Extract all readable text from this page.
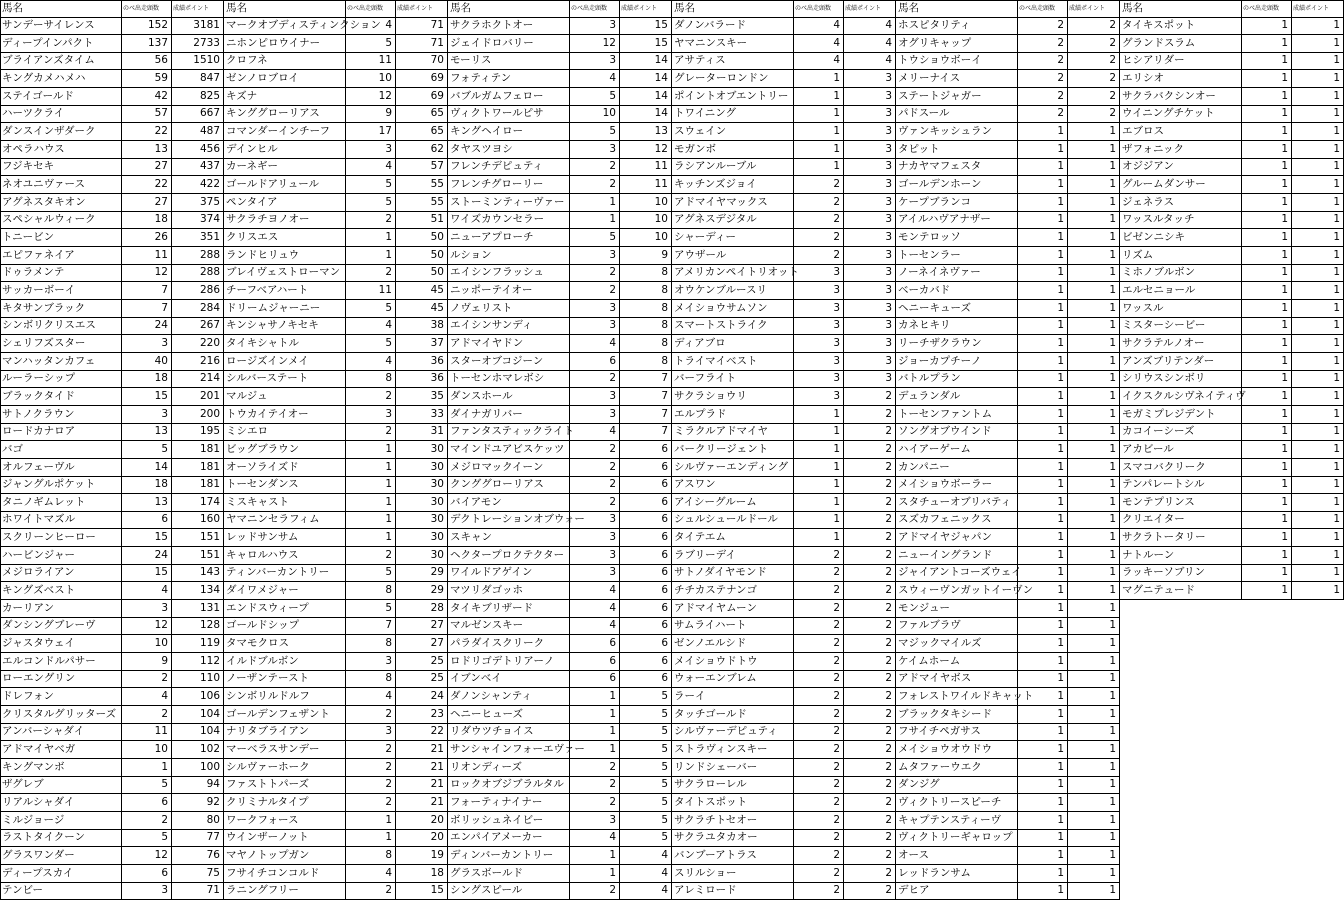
馬名	のべ出走頭数	成績ポイント
サンデーサイレンス	152	3181
ディープインパクト	137	2733
ブライアンズタイム	56	1510
キングカメハメハ	59	847
ステイゴールド	42	825
ハーツクライ	57	667
ダンスインザダーク	22	487
オペラハウス	13	456
フジキセキ	27	437
ネオユニヴァース	22	422
アグネスタキオン	27	375
スペシャルウィーク	18	374
トニービン	26	351
エピファネイア	11	288
ドゥラメンテ	12	288
サッカーボーイ	7	286
キタサンブラック	7	284
シンボリクリスエス	24	267
シェリフズスター	3	220
マンハッタンカフェ	40	216
ルーラーシップ	18	214
ブラックタイド	15	201
サトノクラウン	3	200
ロードカナロア	13	195
バゴ	5	181
オルフェーヴル	14	181
ジャングルポケット	18	181
タニノギムレット	13	174
ホワイトマズル	6	160
スクリーンヒーロー	15	151
ハービンジャー	24	151
メジロライアン	15	143
キングズベスト	4	134
カーリアン	3	131
ダンシングブレーヴ	12	128
ジャスタウェイ	10	119
エルコンドルパサー	9	112
ローエングリン	2	110
ドレフォン	4	106
クリスタルグリッターズ	2	104
アンバーシャダイ	11	104
アドマイヤベガ	10	102
キングマンボ	1	100
ザグレブ	5	94
リアルシャダイ	6	92
ミルジョージ	2	80
ラストタイクーン	5	77
グラスワンダー	12	76
ディープスカイ	6	75
テンビー	3	71
馬名	のべ出走頭数	成績ポイント
マークオブディスティンクション 4	71
ニホンピロウイナー	5	71
クロフネ	11	70
ゼンノロブロイ	10	69
キズナ	12	69
キンググローリアス	9	65
コマンダーインチーフ	17	65
デインヒル	3	62
カーネギー	4	57
ゴールドアリュール	5	55
ペンタイア	5	55
サクラチヨノオー	2	51
クリスエス	1	50
ランドヒリュウ	1	50
ブレイヴェストローマン	2	50
チーフベアハート	11	45
ドリームジャーニー	5	45
キンシャサノキセキ	4	38
タイキシャトル	5	37
ロージズインメイ	4	36
シルバーステート	8	36
マルジュ	2	35
トウカイテイオー	3	33
ミシエロ	2	31
ビッグブラウン	1	30
オーソライズド	1	30
トーセンダンス	1	30
ミスキャスト	1	30
ヤマニンセラフィム	1	30
レッドサンサム	1	30
キャロルハウス	2	30
ティンバーカントリー	5	29
ダイワメジャー	8	29
エンドスウィープ	5	28
ゴールドシップ	7	27
タマモクロス	8	27
イルドブルボン	3	25
ノーザンテースト	8	25
シンボリルドルフ	4	24
ゴールデンフェザント	2	23
ナリタブライアン	3	22
マーベラスサンデー	2	21
シルヴァーホーク	2	21
ファストトパーズ	2	21
クリミナルタイプ	2	21
ワークフォース	1	20
ウインザーノット	1	20
マヤノトップガン	8	19
フサイチコンコルド	4	18
ラニングフリー	2	15
馬名	のべ出走頭数	成績ポイント
サクラホクトオー	3	15
ジェイドロバリー	12	15
モーリス	3	14
フォティテン	4	14
バブルガムフェロー	5	14
ヴィクトワールピサ	10	14
キングヘイロー	5	13
タヤスツヨシ	3	12
フレンチデピュティ	2	11
フレンチグローリー	2	11
ストーミンティーヴァー	1	10
ワイズカウンセラー	1	10
ニューアプローチ	5	10
ルション	3	9
エイシンフラッシュ	2	8
ニッポーテイオー	2	8
ノヴェリスト	3	8
エイシンサンディ	3	8
アドマイヤドン	4	8
スターオブコジーン	6	8
トーセンホマレボシ	2	7
ダンスホール	3	7
ダイナガリバー	3	7
ファンタスティックライト	4	7
マインドユアビスケッツ	2	6
メジロマックイーン	2	6
クンググローリアス	2	6
バイアモン	2	6
デクトレーションオブウォー	3	6
スキャン	3	6
ヘクタープロクテクター	3	6
ワイルドアゲイン	3	6
マツリダゴッホ	4	6
タイキブリザード	4	6
マルゼンスキー	4	6
パラダイスクリーク	6	6
ロドリゴデトリアーノ	6	6
イブンベイ	6	6
ダノンシャンティ	1	5
ヘニーヒューズ	1	5
リダウツチョイス	1	5
サンシャインフォーエヴァー	1	5
リオンディーズ	2	5
ロックオブジブラルタル	2	5
フォーティナイナー	2	5
ボリッシュネイビー	3	5
エンパイアメーカー	4	5
ディンバーカントリー	1	4
グラスボールド	1	4
シングスピール	2	4
馬名	のべ出走頭数	成績ポイント
ダノンバラード	4	4
ヤマニンスキー	4	4
アサティス	4	4
グレーターロンドン	1	3
ポイントオブエントリー	1	3
トワイニング	1	3
スウェイン	1	3
モガンボ	1	3
ラシアンルーブル	1	3
キッチンズジョイ	2	3
アドマイヤマックス	2	3
アグネスデジタル	2	3
シャーディー	2	3
アウザール	2	3
アメリカンペイトリオット	3	3
オウケンブルースリ	3	3
メイショウサムソン	3	3
スマートストライク	3	3
ディアブロ	3	3
トライマイベスト	3	3
バーフライト	3	3
サクラショウリ	3	2
エルプラド	1	2
ミラクルアドマイヤ	1	2
バークリージェント	1	2
シルヴァーエンディング	1	2
アスワン	1	2
アイシーグルーム	1	2
シュルシュールドール	1	2
タイテエム	1	2
ラブリーデイ	2	2
サトノダイヤモンド	2	2
チチカステナンゴ	2	2
アドマイヤムーン	2	2
サムライハート	2	2
ゼンノエルシド	2	2
メイショウドトウ	2	2
ウォーエンブレム	2	2
ラーイ	2	2
タッチゴールド	2	2
シルヴァーデピュティ	2	2
ストラヴィンスキー	2	2
リンドシェーバー	2	2
サクラローレル	2	2
タイトスポット	2	2
サクラチトセオー	2	2
サクラユタカオー	2	2
バンブーアトラス	2	2
スリルショー	2	2
アレミロード	2	2
馬名	のべ出走頭数	成績ポイント
ホスピタリティ	2	2
オグリキャップ	2	2
トウショウボーイ	2	2
メリーナイス	2	2
ステートジャガー	2	2
パドスール	2	2
ヴァンキッシュラン	1	1
タピット	1	1
ナカヤマフェスタ	1	1
ゴールデンホーン	1	1
ケープブランコ	1	1
アイルハヴアナザー	1	1
モンテロッソ	1	1
トーセンラー	1	1
ノーネイネヴァー	1	1
ベーカバド	1	1
ヘニーキューズ	1	1
カネヒキリ	1	1
リーチザクラウン	1	1
ジョーカプチーノ	1	1
バトルプラン	1	1
デュランダル	1	1
トーセンファントム	1	1
ソングオブウインド	1	1
ハイアーゲーム	1	1
カンパニー	1	1
メイショウボーラー	1	1
スタチューオブリバティ	1	1
スズカフェニックス	1	1
アドマイヤジャパン	1	1
ニューイングランド	1	1
ジャイアントコーズウェイ	1	1
スウィーヴンガットイーヴン	1	1
モンジュー	1	1
ファルブラヴ	1	1
マジックマイルズ	1	1
ケイムホーム	1	1
アドマイヤボス	1	1
フォレストワイルドキャット	1	1
ブラックタキシード	1	1
フサイチペガサス	1	1
メイショウオウドウ	1	1
ムタファーウエク	1	1
ダンジグ	1	1
ヴィクトリースピーチ	1	1
キャプテンスティーヴ	1	1
ヴィクトリーギャロップ	1	1
オース	1	1
レッドランサム	1	1
デヒア	1	1
馬名	のべ出走頭数	成績ポイント
タイキスポット	1	1
グランドスラム	1	1
ヒシアリダー	1	1
エリシオ	1	1
サクラバクシンオー	1	1
ウイニングチケット	1	1
エブロス	1	1
ザフォニック	1	1
オジジアン	1	1
グルームダンサー	1	1
ジェネラス	1	1
ワッスルタッチ	1	1
ビゼンニシキ	1	1
リズム	1	1
ミホノブルボン	1	1
エルセニョール	1	1
ワッスル	1	1
ミスターシービー	1	1
サクラテルノオー	1	1
アンズブリテンダー	1	1
シリウスシンボリ	1	1
イクスクルシヴネイティヴ	1	1
モガミプレジデント	1	1
カコイーシーズ	1	1
アカビール	1	1
スマコバクリーク	1	1
テンパレートシル	1	1
モンテプリンス	1	1
クリエイター	1	1
サクラトータリー	1	1
ナトルーン	1	1
ラッキーソブリン	1	1
マグニテュード	1	1
